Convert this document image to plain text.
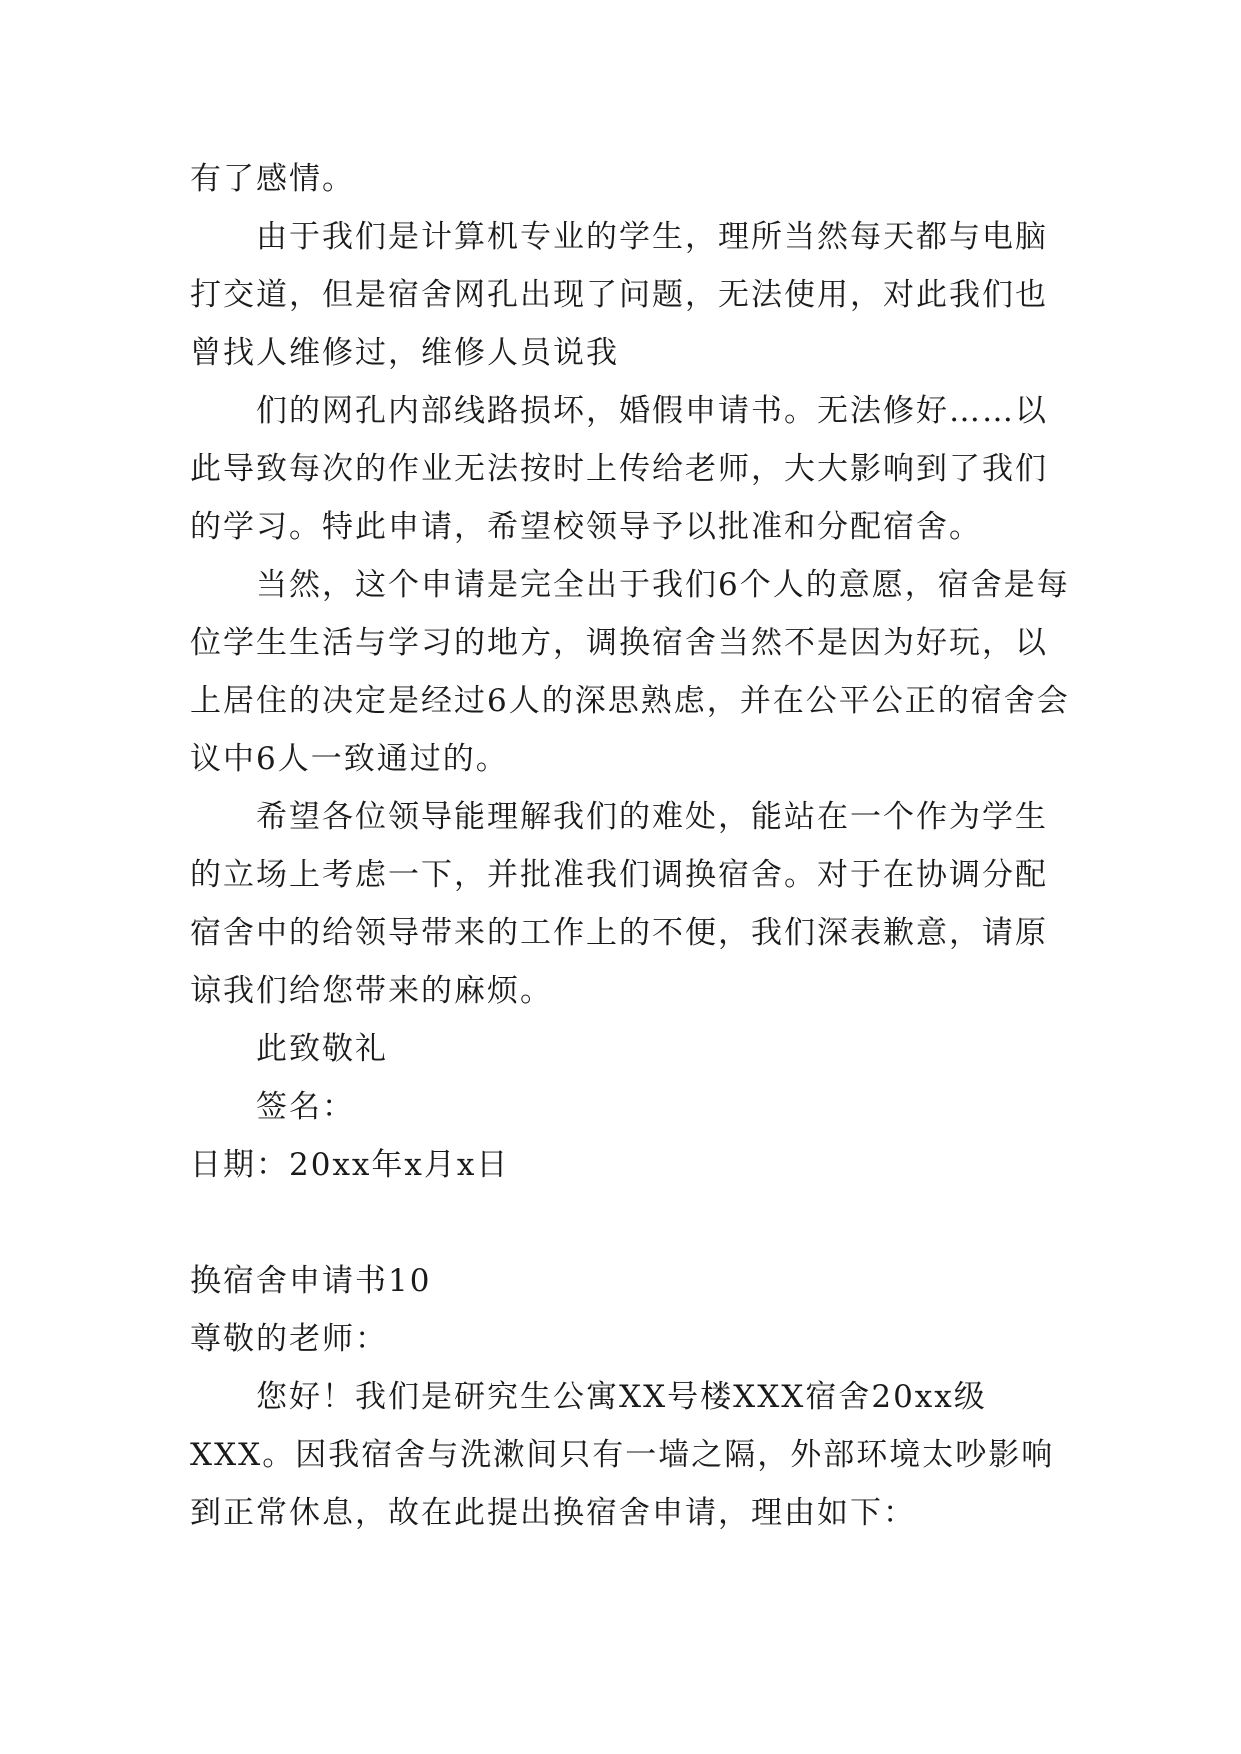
有了感情。

由于我们是计算机专业的学生，理所当然每天都与电脑打交道，但是宿舍网孔出现了问题，无法使用，对此我们也曾找人维修过，维修人员说我

们的网孔内部线路损坏，婚假申请书。无法修好……以此导致每次的作业无法按时上传给老师，大大影响到了我们的学习。特此申请，希望校领导予以批准和分配宿舍。

当然，这个申请是完全出于我们6个人的意愿，宿舍是每位学生生活与学习的地方，调换宿舍当然不是因为好玩，以上居住的决定是经过6人的深思熟虑，并在公平公正的宿舍会议中6人一致通过的。

希望各位领导能理解我们的难处，能站在一个作为学生的立场上考虑一下，并批准我们调换宿舍。对于在协调分配宿舍中的给领导带来的工作上的不便，我们深表歉意，请原谅我们给您带来的麻烦。

此致敬礼

签名：

日期：20xx年x月x日

换宿舍申请书10

尊敬的老师：

您好！我们是研究生公寓XX号楼XXX宿舍20xx级XXX。因我宿舍与洗漱间只有一墙之隔，外部环境太吵影响到正常休息，故在此提出换宿舍申请，理由如下：
